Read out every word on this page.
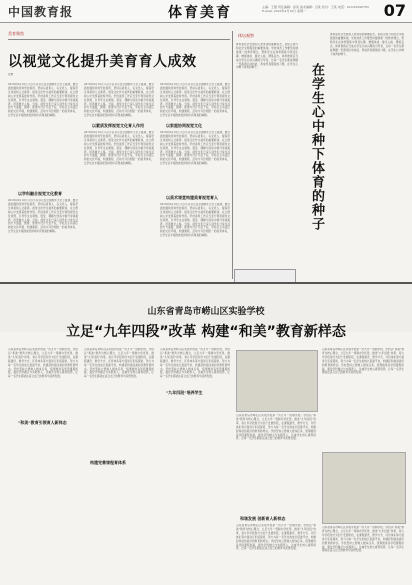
中国教育报	体育美育	主编：王强 责任编辑：孙某 美术编辑：吕某 校对：王某 电话：010-82296783 E-mail: 2023年4月10日 星期一	07
美育聚焦
以视觉文化提升美育育人成效
吴勇
2018年9月10日习近平总书记在全国教育大会上强调，要全面加强和改进学校美育，坚持以美育人、以文化人，提高学生审美和人文素养。视觉文化作为美育的重要载体，在立德树人中发挥着独特作用。学校美育工作应当充分利用视觉文化资源，引导学生在观察、感受、理解与创造中提升审美素养，培养健全人格。当前，视觉文化已深入到学生日常生活的方方面面，图像、影像与设计无处不在，学校应主动适应新的文化环境，构建课程、活动与评价相统一的美育体系，让学生在丰富的视觉体验中获得美的熏陶。
以学科融合视觉文化教育
2018年9月10日习近平总书记在全国教育大会上强调，要全面加强和改进学校美育，坚持以美育人、以文化人，提高学生审美和人文素养。视觉文化作为美育的重要载体，在立德树人中发挥着独特作用。学校美育工作应当充分利用视觉文化资源，引导学生在观察、感受、理解与创造中提升审美素养，培养健全人格。当前，视觉文化已深入到学生日常生活的方方面面，图像、影像与设计无处不在，学校应主动适应新的文化环境，构建课程、活动与评价相统一的美育体系，让学生在丰富的视觉体验中获得美的熏陶。
2018年9月10日习近平总书记在全国教育大会上强调，要全面加强和改进学校美育，坚持以美育人、以文化人，提高学生审美和人文素养。视觉文化作为美育的重要载体，在立德树人中发挥着独特作用。学校美育工作应当充分利用视觉文化资源，引导学生在观察、感受、理解与创造中提升审美素养，培养健全人格。当前，视觉文化已深入到学生日常生活的方方面面，图像、影像与设计无处不在，学校应主动适应新的文化环境，构建课程、活动与评价相统一的美育体系，让学生在丰富的视觉体验中获得美的熏陶。
以素质发挥视觉文化育人作用
2018年9月10日习近平总书记在全国教育大会上强调，要全面加强和改进学校美育，坚持以美育人、以文化人，提高学生审美和人文素养。视觉文化作为美育的重要载体，在立德树人中发挥着独特作用。学校美育工作应当充分利用视觉文化资源，引导学生在观察、感受、理解与创造中提升审美素养，培养健全人格。当前，视觉文化已深入到学生日常生活的方方面面，图像、影像与设计无处不在，学校应主动适应新的文化环境，构建课程、活动与评价相统一的美育体系，让学生在丰富的视觉体验中获得美的熏陶。
2018年9月10日习近平总书记在全国教育大会上强调，要全面加强和改进学校美育，坚持以美育人、以文化人，提高学生审美和人文素养。视觉文化作为美育的重要载体，在立德树人中发挥着独特作用。学校美育工作应当充分利用视觉文化资源，引导学生在观察、感受、理解与创造中提升审美素养，培养健全人格。当前，视觉文化已深入到学生日常生活的方方面面，图像、影像与设计无处不在，学校应主动适应新的文化环境，构建课程、活动与评价相统一的美育体系，让学生在丰富的视觉体验中获得美的熏陶。
以家庭协同视觉文化
2018年9月10日习近平总书记在全国教育大会上强调，要全面加强和改进学校美育，坚持以美育人、以文化人，提高学生审美和人文素养。视觉文化作为美育的重要载体，在立德树人中发挥着独特作用。学校美育工作应当充分利用视觉文化资源，引导学生在观察、感受、理解与创造中提升审美素养，培养健全人格。当前，视觉文化已深入到学生日常生活的方方面面，图像、影像与设计无处不在，学校应主动适应新的文化环境，构建课程、活动与评价相统一的美育体系，让学生在丰富的视觉体验中获得美的熏陶。
以美术课堂构建美育视觉育人
2018年9月10日习近平总书记在全国教育大会上强调，要全面加强和改进学校美育，坚持以美育人、以文化人，提高学生审美和人文素养。视觉文化作为美育的重要载体，在立德树人中发挥着独特作用。学校美育工作应当充分利用视觉文化资源，引导学生在观察、感受、理解与创造中提升审美素养，培养健全人格。当前，视觉文化已深入到学生日常生活的方方面面，图像、影像与设计无处不在，学校应主动适应新的文化环境，构建课程、活动与评价相统一的美育体系，让学生在丰富的视觉体验中获得美的熏陶。
体坛观察
体育是社会发展和人类进步的重要标志，是综合国力和社会文明程度的重要体现。学校体育工作要坚持健康第一的教育理念，帮助学生在体育锻炼中享受乐趣、增强体质、健全人格、锤炼意志。体育教师应当成为学生运动兴趣的引导者，让每一名学生都能掌握一至两项运动技能，养成终身锻炼的习惯，在学生心中种下体育的种子。	在学生心中种下体育的种子
体育是社会发展和人类进步的重要标志，是综合国力和社会文明程度的重要体现。学校体育工作要坚持健康第一的教育理念，帮助学生在体育锻炼中享受乐趣、增强体质、健全人格、锤炼意志。体育教师应当成为学生运动兴趣的引导者，让每一名学生都能掌握一至两项运动技能，养成终身锻炼的习惯，在学生心中种下体育的种子。
山东省青岛市崂山区实验学校
立足“九年四段”改革 构建“和美”教育新样态
山东省青岛市崂山区实验学校是一所九年一贯制学校。学校以“和美”教育为核心理念，立足九年一贯制办学优势，推进“九年四段”改革，将九年学段划分为四个发展阶段，在课程建设、教学方式、评价体系等方面进行系统探索，努力为每一名学生的成长搭建平台，构建起和谐而美好的教育新样态。学校坚持立德树人根本任务，统筹推进各学段课程衔接，强化学科融合与实践育人，注重学生核心素养培养，让每一名学生都能在适合自己的教育中获得发展。
“和美”教育引领育人新样态
山东省青岛市崂山区实验学校是一所九年一贯制学校。学校以“和美”教育为核心理念，立足九年一贯制办学优势，推进“九年四段”改革，将九年学段划分为四个发展阶段，在课程建设、教学方式、评价体系等方面进行系统探索，努力为每一名学生的成长搭建平台，构建起和谐而美好的教育新样态。学校坚持立德树人根本任务，统筹推进各学段课程衔接，强化学科融合与实践育人，注重学生核心素养培养，让每一名学生都能在适合自己的教育中获得发展。
构建完善课程育体系
山东省青岛市崂山区实验学校是一所九年一贯制学校。学校以“和美”教育为核心理念，立足九年一贯制办学优势，推进“九年四段”改革，将九年学段划分为四个发展阶段，在课程建设、教学方式、评价体系等方面进行系统探索，努力为每一名学生的成长搭建平台，构建起和谐而美好的教育新样态。学校坚持立德树人根本任务，统筹推进各学段课程衔接，强化学科融合与实践育人，注重学生核心素养培养，让每一名学生都能在适合自己的教育中获得发展。
“九年四段”培养学生
山东省青岛市崂山区实验学校是一所九年一贯制学校。学校以“和美”教育为核心理念，立足九年一贯制办学优势，推进“九年四段”改革，将九年学段划分为四个发展阶段，在课程建设、教学方式、评价体系等方面进行系统探索，努力为每一名学生的成长搭建平台，构建起和谐而美好的教育新样态。学校坚持立德树人根本任务，统筹推进各学段课程衔接，强化学科融合与实践育人，注重学生核心素养培养，让每一名学生都能在适合自己的教育中获得发展。
和谐发展 创新育人新样态
山东省青岛市崂山区实验学校是一所九年一贯制学校。学校以“和美”教育为核心理念，立足九年一贯制办学优势，推进“九年四段”改革，将九年学段划分为四个发展阶段，在课程建设、教学方式、评价体系等方面进行系统探索，努力为每一名学生的成长搭建平台，构建起和谐而美好的教育新样态。学校坚持立德树人根本任务，统筹推进各学段课程衔接，强化学科融合与实践育人，注重学生核心素养培养，让每一名学生都能在适合自己的教育中获得发展。
山东省青岛市崂山区实验学校是一所九年一贯制学校。学校以“和美”教育为核心理念，立足九年一贯制办学优势，推进“九年四段”改革，将九年学段划分为四个发展阶段，在课程建设、教学方式、评价体系等方面进行系统探索，努力为每一名学生的成长搭建平台，构建起和谐而美好的教育新样态。学校坚持立德树人根本任务，统筹推进各学段课程衔接，强化学科融合与实践育人，注重学生核心素养培养，让每一名学生都能在适合自己的教育中获得发展。
山东省青岛市崂山区实验学校是一所九年一贯制学校。学校以“和美”教育为核心理念，立足九年一贯制办学优势，推进“九年四段”改革，将九年学段划分为四个发展阶段，在课程建设、教学方式、评价体系等方面进行系统探索，努力为每一名学生的成长搭建平台，构建起和谐而美好的教育新样态。学校坚持立德树人根本任务，统筹推进各学段课程衔接，强化学科融合与实践育人，注重学生核心素养培养，让每一名学生都能在适合自己的教育中获得发展。
